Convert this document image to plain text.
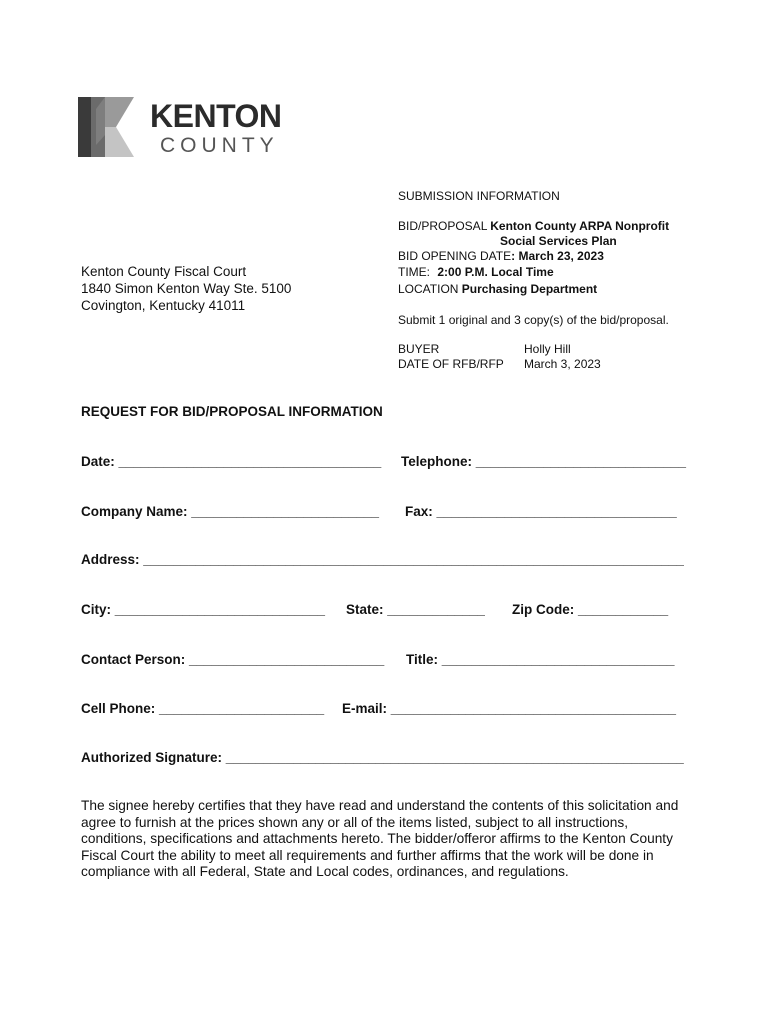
KENTON
COUNTY
Kenton County Fiscal Court
1840 Simon Kenton Way Ste. 5100
Covington, Kentucky 41011
SUBMISSION INFORMATION
BID/PROPOSAL Kenton County ARPA Nonprofit
Social Services Plan
BID OPENING DATE: March 23, 2023
TIME: 2:00 P.M. Local Time
LOCATION Purchasing Department
Submit 1 original and 3 copy(s) of the bid/proposal.
BUYER	Holly Hill
DATE OF RFB/RFP March 3, 2023
REQUEST FOR BID/PROPOSAL INFORMATION
Date: ___________________________________ Telephone: ____________________________
Company Name: _________________________ Fax: ________________________________
Address: ________________________________________________________________________
City: ____________________________ State: _____________ Zip Code: ____________
Contact Person: __________________________ Title: _______________________________
Cell Phone: ______________________ E-mail: ______________________________________
Authorized Signature: _____________________________________________________________
The signee hereby certifies that they have read and understand the contents of this solicitation and agree to furnish at the prices shown any or all of the items listed, subject to all instructions, conditions, specifications and attachments hereto. The bidder/offeror affirms to the Kenton County Fiscal Court the ability to meet all requirements and further affirms that the work will be done in compliance with all Federal, State and Local codes, ordinances, and regulations.
